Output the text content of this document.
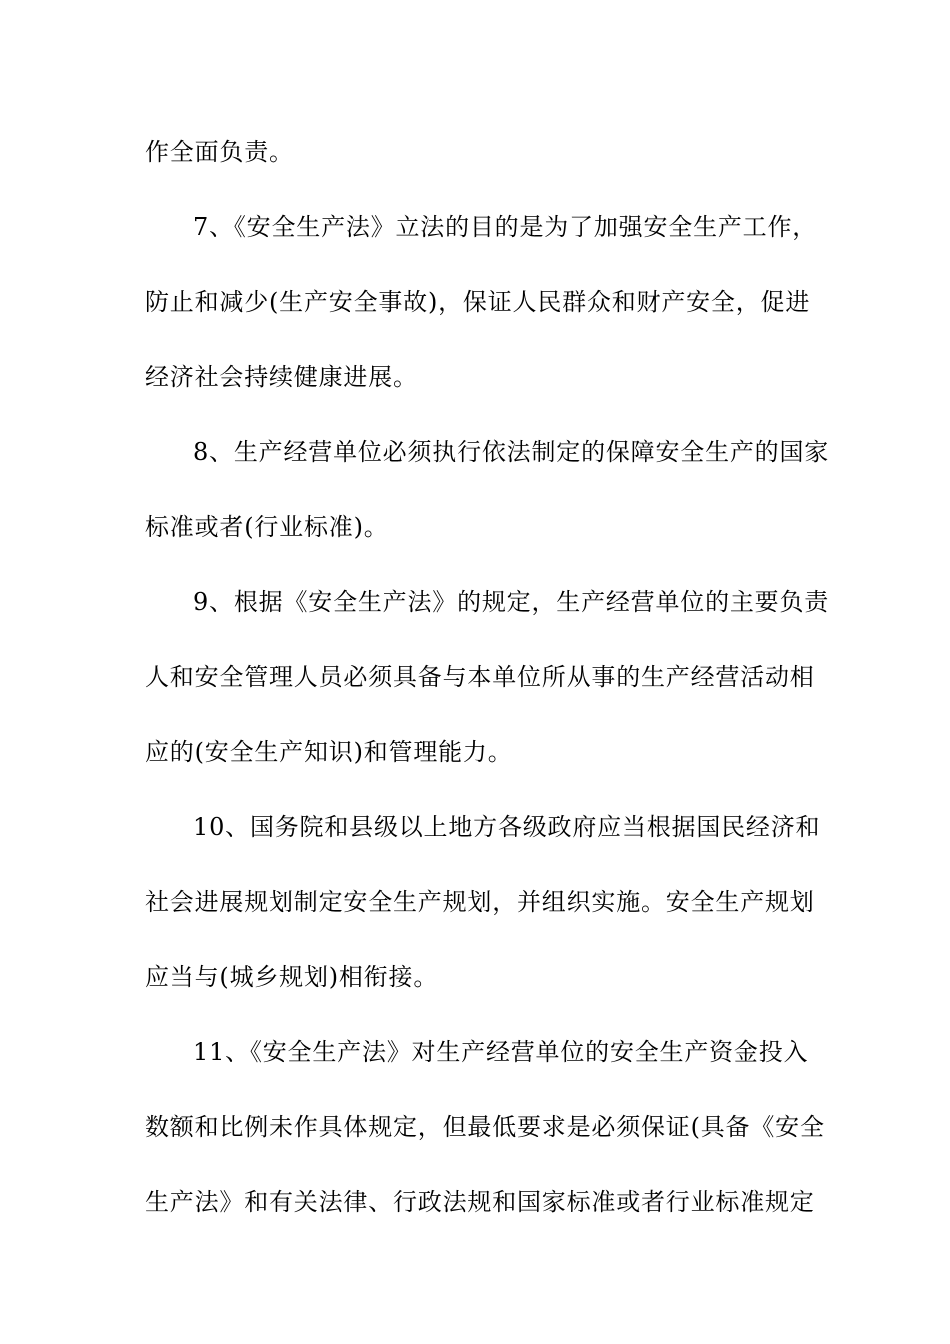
作全面负责。

7、《安全生产法》立法的目的是为了加强安全生产工作，

防止和减少(生产安全事故)，保证人民群众和财产安全，促进

经济社会持续健康进展。

8、生产经营单位必须执行依法制定的保障安全生产的国家

标准或者(行业标准)。

9、根据《安全生产法》的规定，生产经营单位的主要负责

人和安全管理人员必须具备与本单位所从事的生产经营活动相

应的(安全生产知识)和管理能力。

10、国务院和县级以上地方各级政府应当根据国民经济和

社会进展规划制定安全生产规划，并组织实施。安全生产规划

应当与(城乡规划)相衔接。

11、《安全生产法》对生产经营单位的安全生产资金投入

数额和比例未作具体规定，但最低要求是必须保证(具备《安全

生产法》和有关法律、行政法规和国家标准或者行业标准规定
